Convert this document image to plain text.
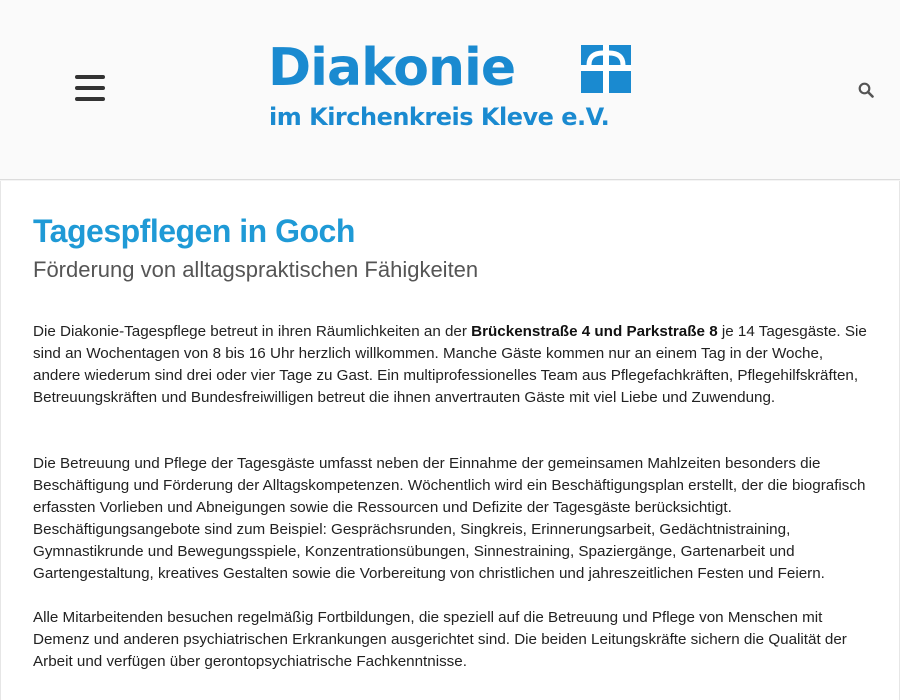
Diakonie
im Kirchenkreis Kleve e.V.
Tagespflegen in Goch
Förderung von alltagspraktischen Fähigkeiten

Die Diakonie-Tagespflege betreut in ihren Räumlichkeiten an der Brückenstraße 4 und Parkstraße 8 je 14 Tagesgäste. Sie sind an Wochentagen von 8 bis 16 Uhr herzlich willkommen. Manche Gäste kommen nur an einem Tag in der Woche, andere wiederum sind drei oder vier Tage zu Gast. Ein multiprofessionelles Team aus Pflegefachkräften, Pflegehilfskräften, Betreuungskräften und Bundesfreiwilligen betreut die ihnen anvertrauten Gäste mit viel Liebe und Zuwendung.

Die Betreuung und Pflege der Tagesgäste umfasst neben der Einnahme der gemeinsamen Mahlzeiten besonders die Beschäftigung und Förderung der Alltagskompetenzen. Wöchentlich wird ein Beschäftigungsplan erstellt, der die biografisch erfassten Vorlieben und Abneigungen sowie die Ressourcen und Defizite der Tagesgäste berücksichtigt. Beschäftigungsangebote sind zum Beispiel: Gesprächsrunden, Singkreis, Erinnerungsarbeit, Gedächtnistraining, Gymnastikrunde und Bewegungsspiele, Konzentrationsübungen, Sinnestraining, Spaziergänge, Gartenarbeit und Gartengestaltung, kreatives Gestalten sowie die Vorbereitung von christlichen und jahreszeitlichen Festen und Feiern.

Alle Mitarbeitenden besuchen regelmäßig Fortbildungen, die speziell auf die Betreuung und Pflege von Menschen mit Demenz und anderen psychiatrischen Erkrankungen ausgerichtet sind. Die beiden Leitungskräfte sichern die Qualität der Arbeit und verfügen über gerontopsychiatrische Fachkenntnisse.
